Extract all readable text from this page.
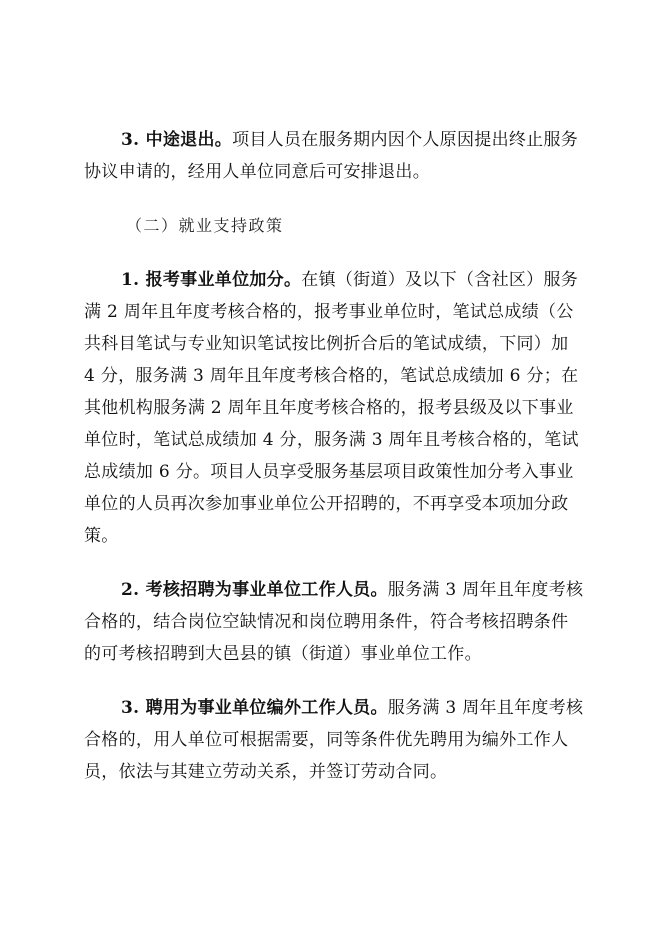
3. 中途退出。项目人员在服务期内因个人原因提出终止服务协议申请的，经用人单位同意后可安排退出。

（二）就业支持政策

1. 报考事业单位加分。在镇（街道）及以下（含社区）服务满 2 周年且年度考核合格的，报考事业单位时，笔试总成绩（公共科目笔试与专业知识笔试按比例折合后的笔试成绩，下同）加 4 分，服务满 3 周年且年度考核合格的，笔试总成绩加 6 分；在其他机构服务满 2 周年且年度考核合格的，报考县级及以下事业单位时，笔试总成绩加 4 分，服务满 3 周年且考核合格的，笔试总成绩加 6 分。项目人员享受服务基层项目政策性加分考入事业单位的人员再次参加事业单位公开招聘的，不再享受本项加分政策。

2. 考核招聘为事业单位工作人员。服务满 3 周年且年度考核合格的，结合岗位空缺情况和岗位聘用条件，符合考核招聘条件的可考核招聘到大邑县的镇（街道）事业单位工作。

3. 聘用为事业单位编外工作人员。服务满 3 周年且年度考核合格的，用人单位可根据需要，同等条件优先聘用为编外工作人员，依法与其建立劳动关系，并签订劳动合同。
